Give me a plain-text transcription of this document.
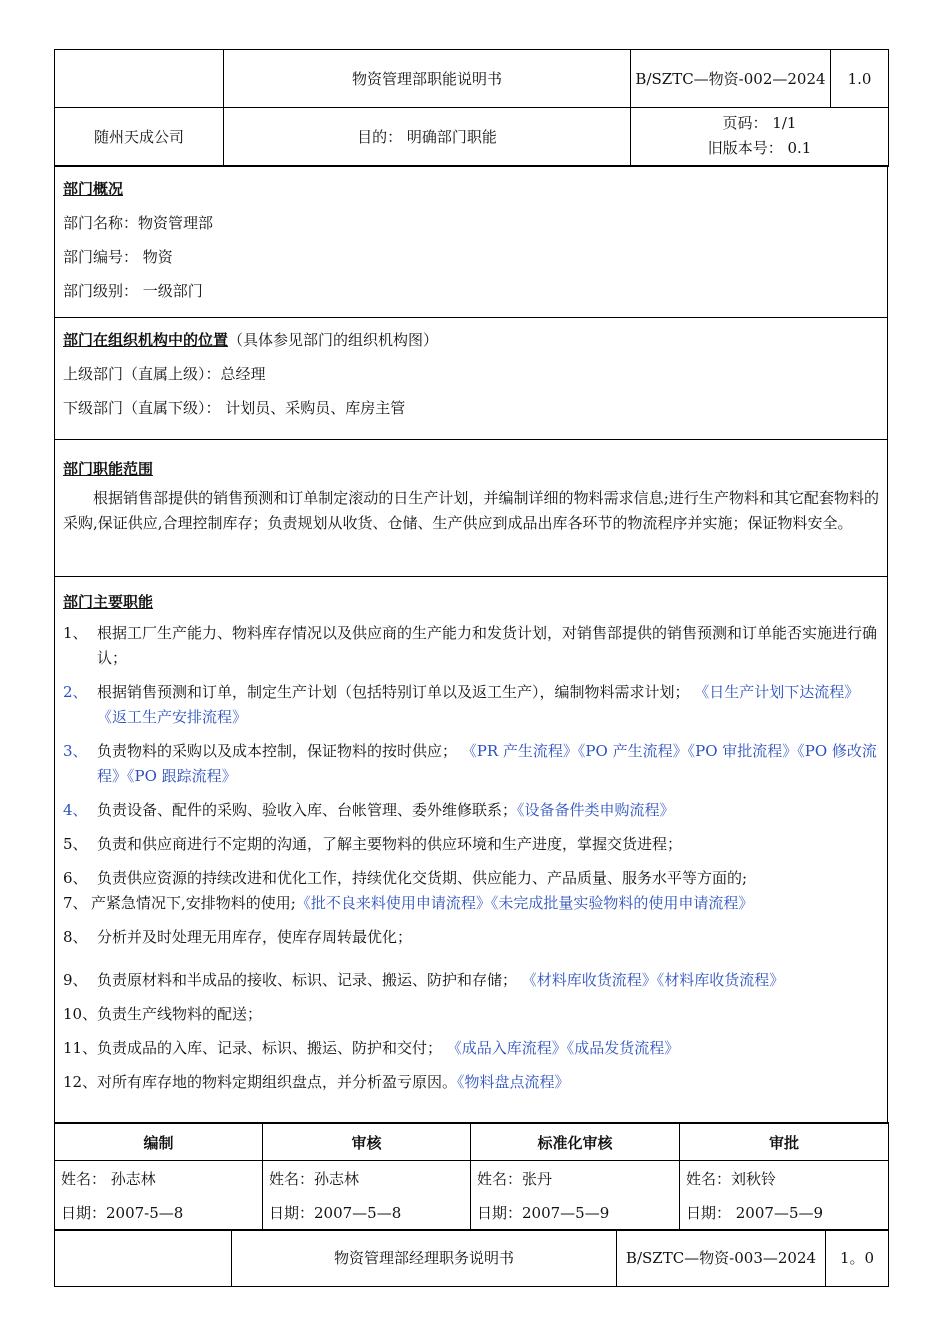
	物资管理部职能说明书	B/SZTC—物资-002—2024	1.0
随州天成公司	目的： 明确部门职能	页码： 1/1
旧版本号： 0.1	
部门概况
部门名称：物资管理部
部门编号： 物资
部门级别： 一级部门
部门在组织机构中的位置（具体参见部门的组织机构图）
上级部门（直属上级）：总经理
下级部门（直属下级）： 计划员、采购员、库房主管
部门职能范围
根据销售部提供的销售预测和订单制定滚动的日生产计划，并编制详细的物料需求信息;进行生产物料和其它配套物料的采购,保证供应,合理控制库存；负责规划从收货、仓储、生产供应到成品出库各环节的物流程序并实施；保证物料安全。
部门主要职能
1、 根据工厂生产能力、物料库存情况以及供应商的生产能力和发货计划，对销售部提供的销售预测和订单能否实施进行确认；
2、 根据销售预测和订单，制定生产计划（包括特别订单以及返工生产），编制物料需求计划； 《日生产计划下达流程》《返工生产安排流程》
3、 负责物料的采购以及成本控制，保证物料的按时供应； 《PR 产生流程》《PO 产生流程》《PO 审批流程》《PO 修改流程》《PO 跟踪流程》
4、 负责设备、配件的采购、验收入库、台帐管理、委外维修联系；《设备备件类申购流程》
5、 负责和供应商进行不定期的沟通，了解主要物料的供应环境和生产进度，掌握交货进程；
6、 负责供应资源的持续改进和优化工作，持续优化交货期、供应能力、产品质量、服务水平等方面的;
7、 产紧急情况下,安排物料的使用;《批不良来料使用申请流程》《未完成批量实验物料的使用申请流程》
8、 分析并及时处理无用库存，使库存周转最优化；
9、 负责原材料和半成品的接收、标识、记录、搬运、防护和存储； 《材料库收货流程》《材料库收货流程》
10、 负责生产线物料的配送；
11、 负责成品的入库、记录、标识、搬运、防护和交付； 《成品入库流程》《成品发货流程》
12、 对所有库存地的物料定期组织盘点，并分析盈亏原因。《物料盘点流程》
编制	审核	标准化审核	审批
姓名： 孙志林	姓名：孙志林	姓名：张丹	姓名：刘秋铃
日期：2007-5—8	日期：2007—5—8	日期：2007—5—9	日期： 2007—5—9
	物资管理部经理职务说明书	B/SZTC—物资-003—2024	1。0
